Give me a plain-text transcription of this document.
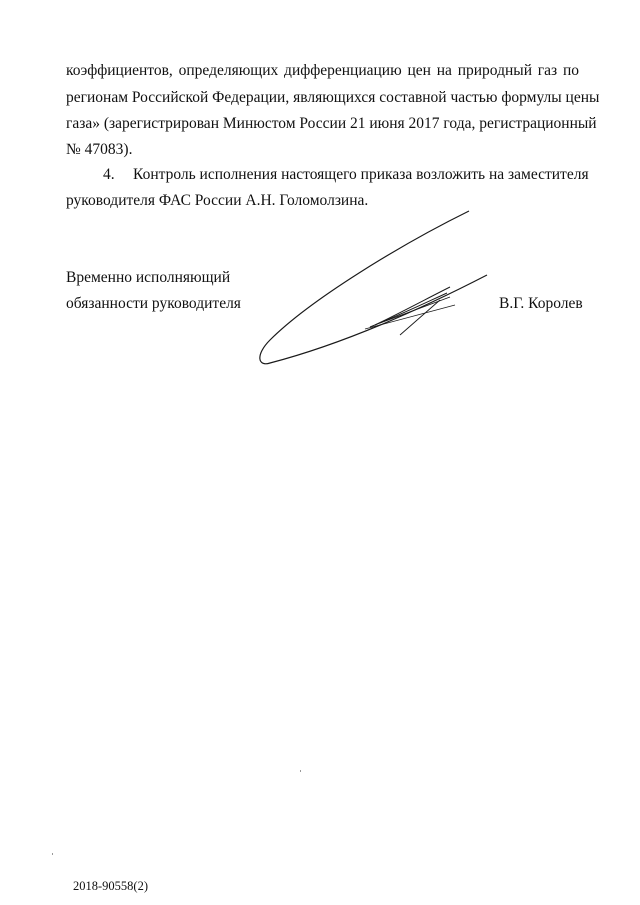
коэффициентов, определяющих дифференциацию цен на природный газ по

регионам Российской Федерации, являющихся составной частью формулы цены

газа» (зарегистрирован Минюстом России 21 июня 2017 года, регистрационный

№ 47083).

4. Контроль исполнения настоящего приказа возложить на заместителя

руководителя ФАС России А.Н. Голомолзина.

Временно исполняющий
обязанности руководителя	В.Г. Королев
2018-90558(2)
